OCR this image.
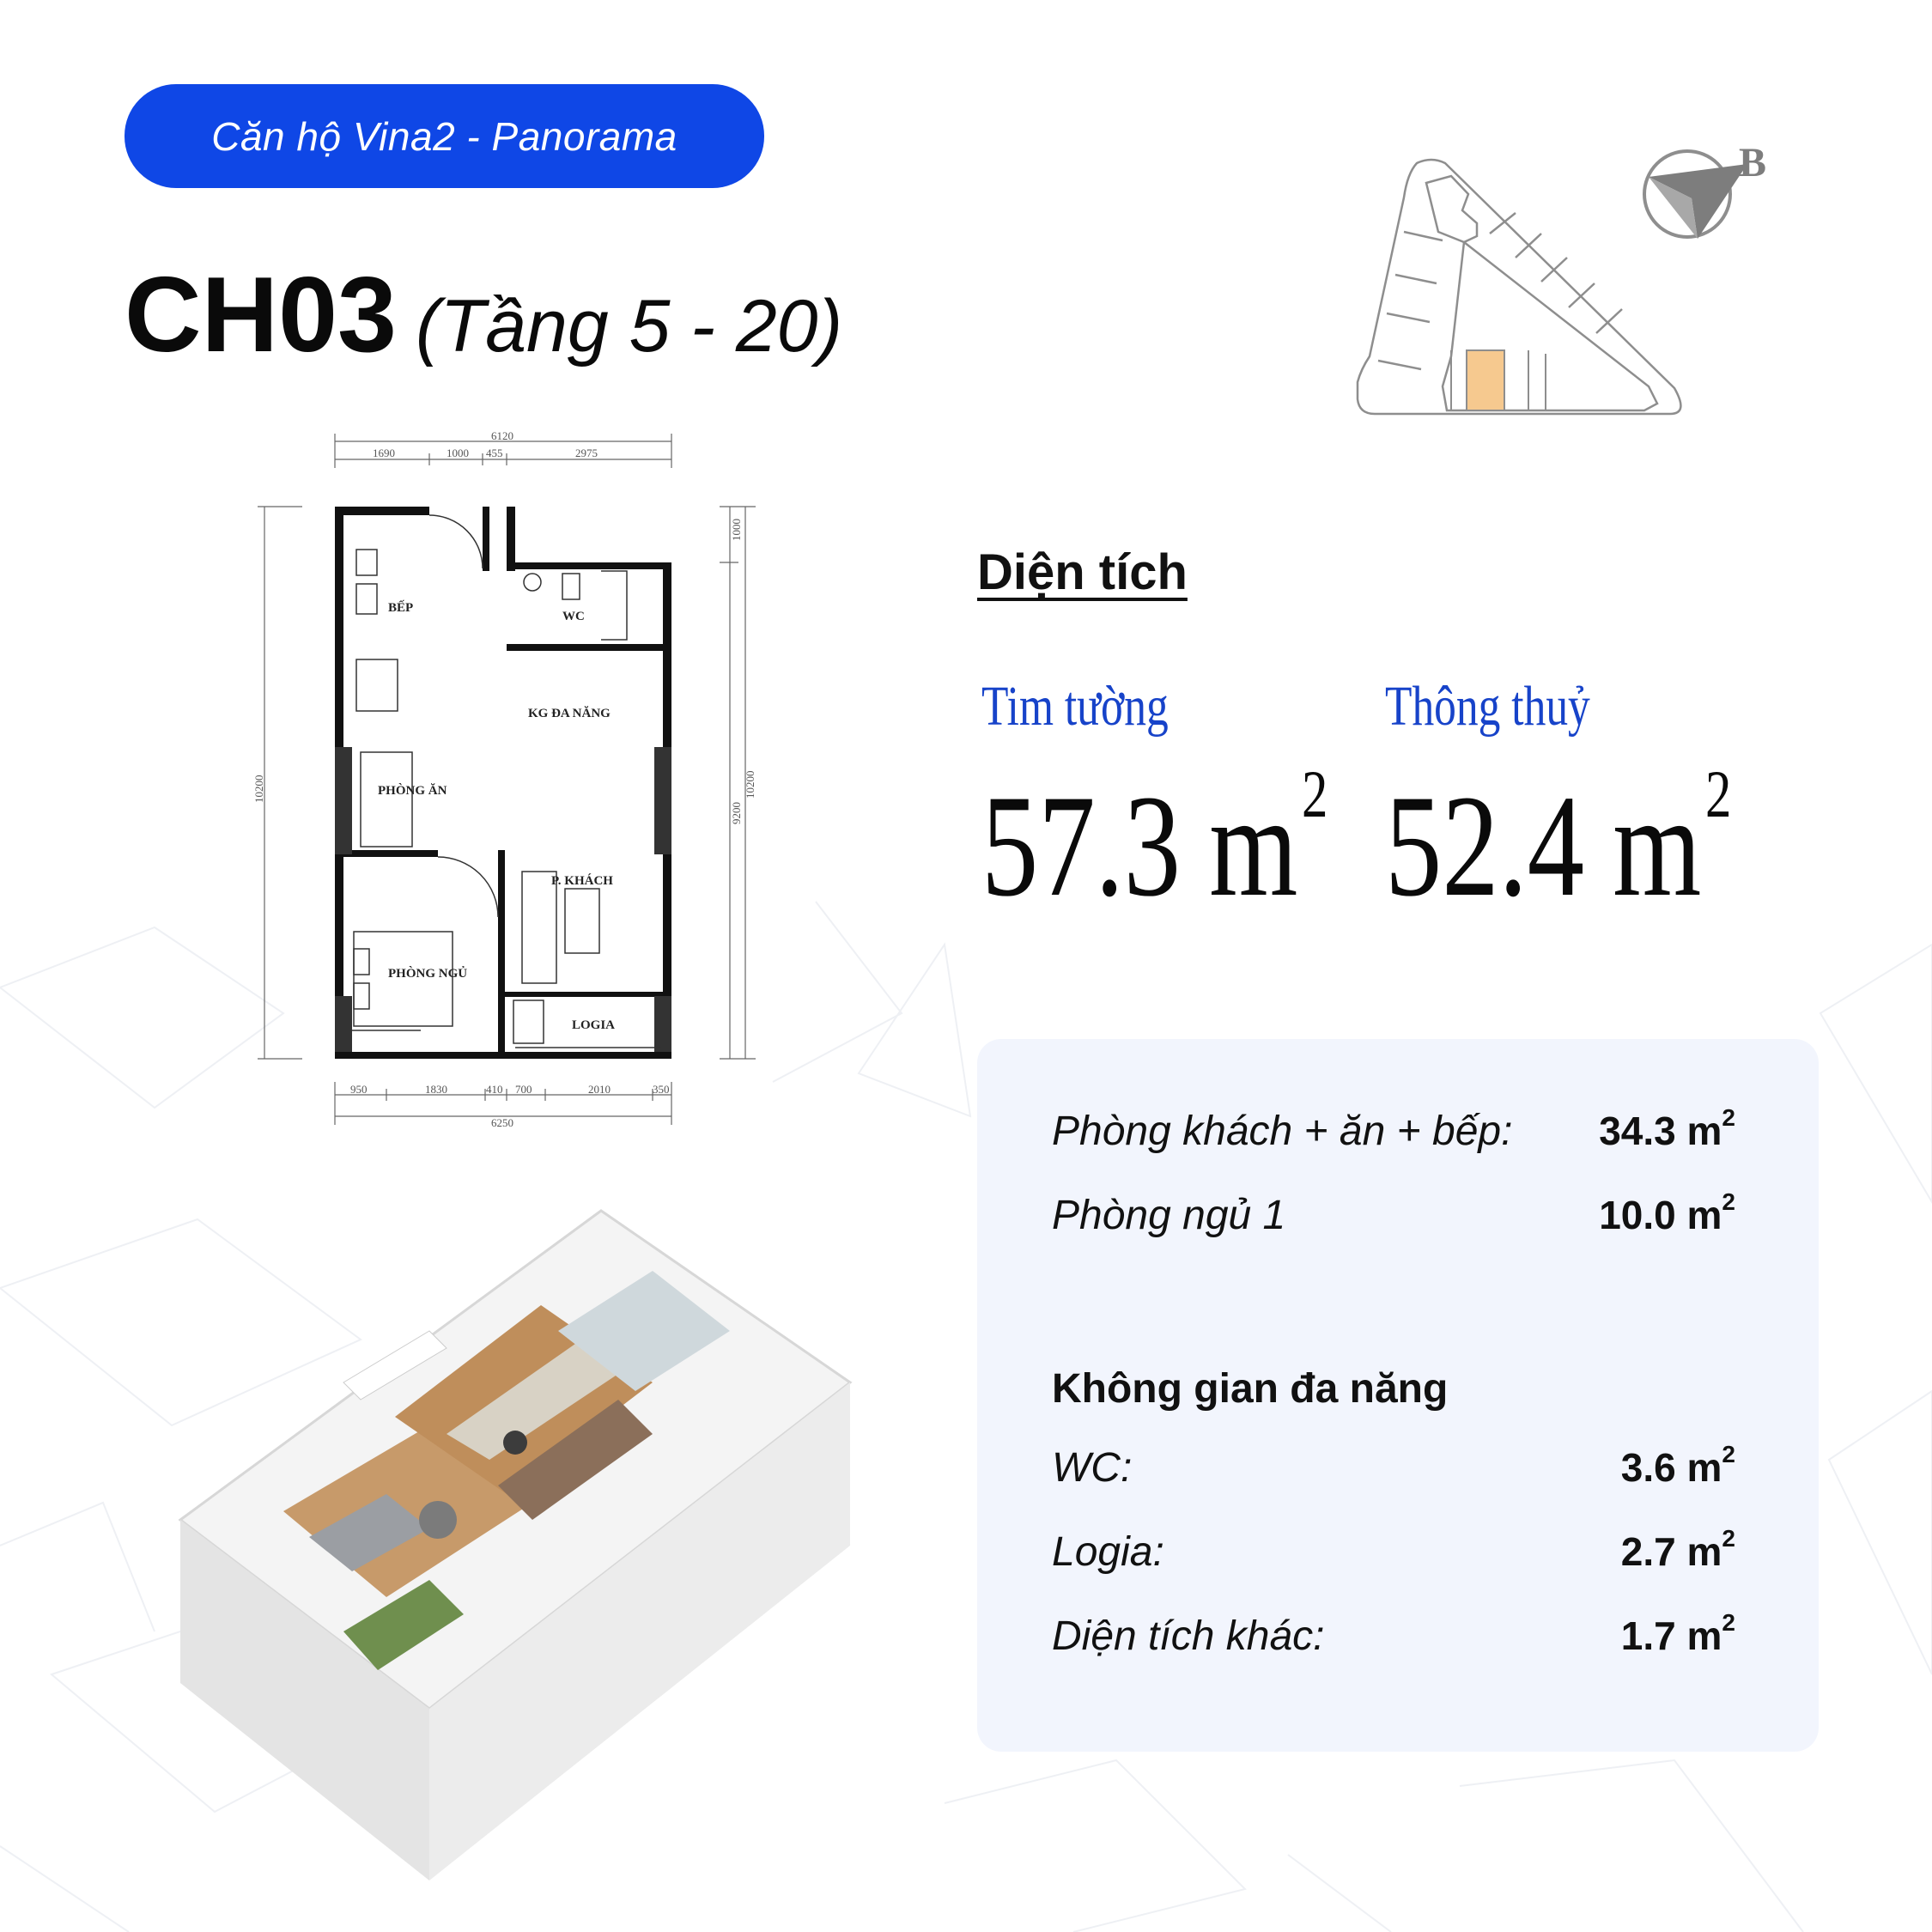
Căn hộ Vina2 - Panorama
CH03 (Tầng 5 - 20)
B
6120
1690	1000 455	2975
950	1830	410 700	2010	350
6250
10200
1000
9200
10200
BẾP
WC
KG ĐA NĂNG
PHÒNG ĂN
P. KHÁCH
PHÒNG NGỦ
LOGIA
Diện tích
Tim tường	Thông thuỷ
57.3 $m^2$ 52.4 $m^2$
Phòng khách + ăn + bếp: 34.3 $m^2$
Phòng ngủ 1	10.0 $m^2$
Không gian đa năng
WC:	3.6 $m^2$
Logia:	2.7 $m^2$
Diện tích khác:	1.7 $m^2$
